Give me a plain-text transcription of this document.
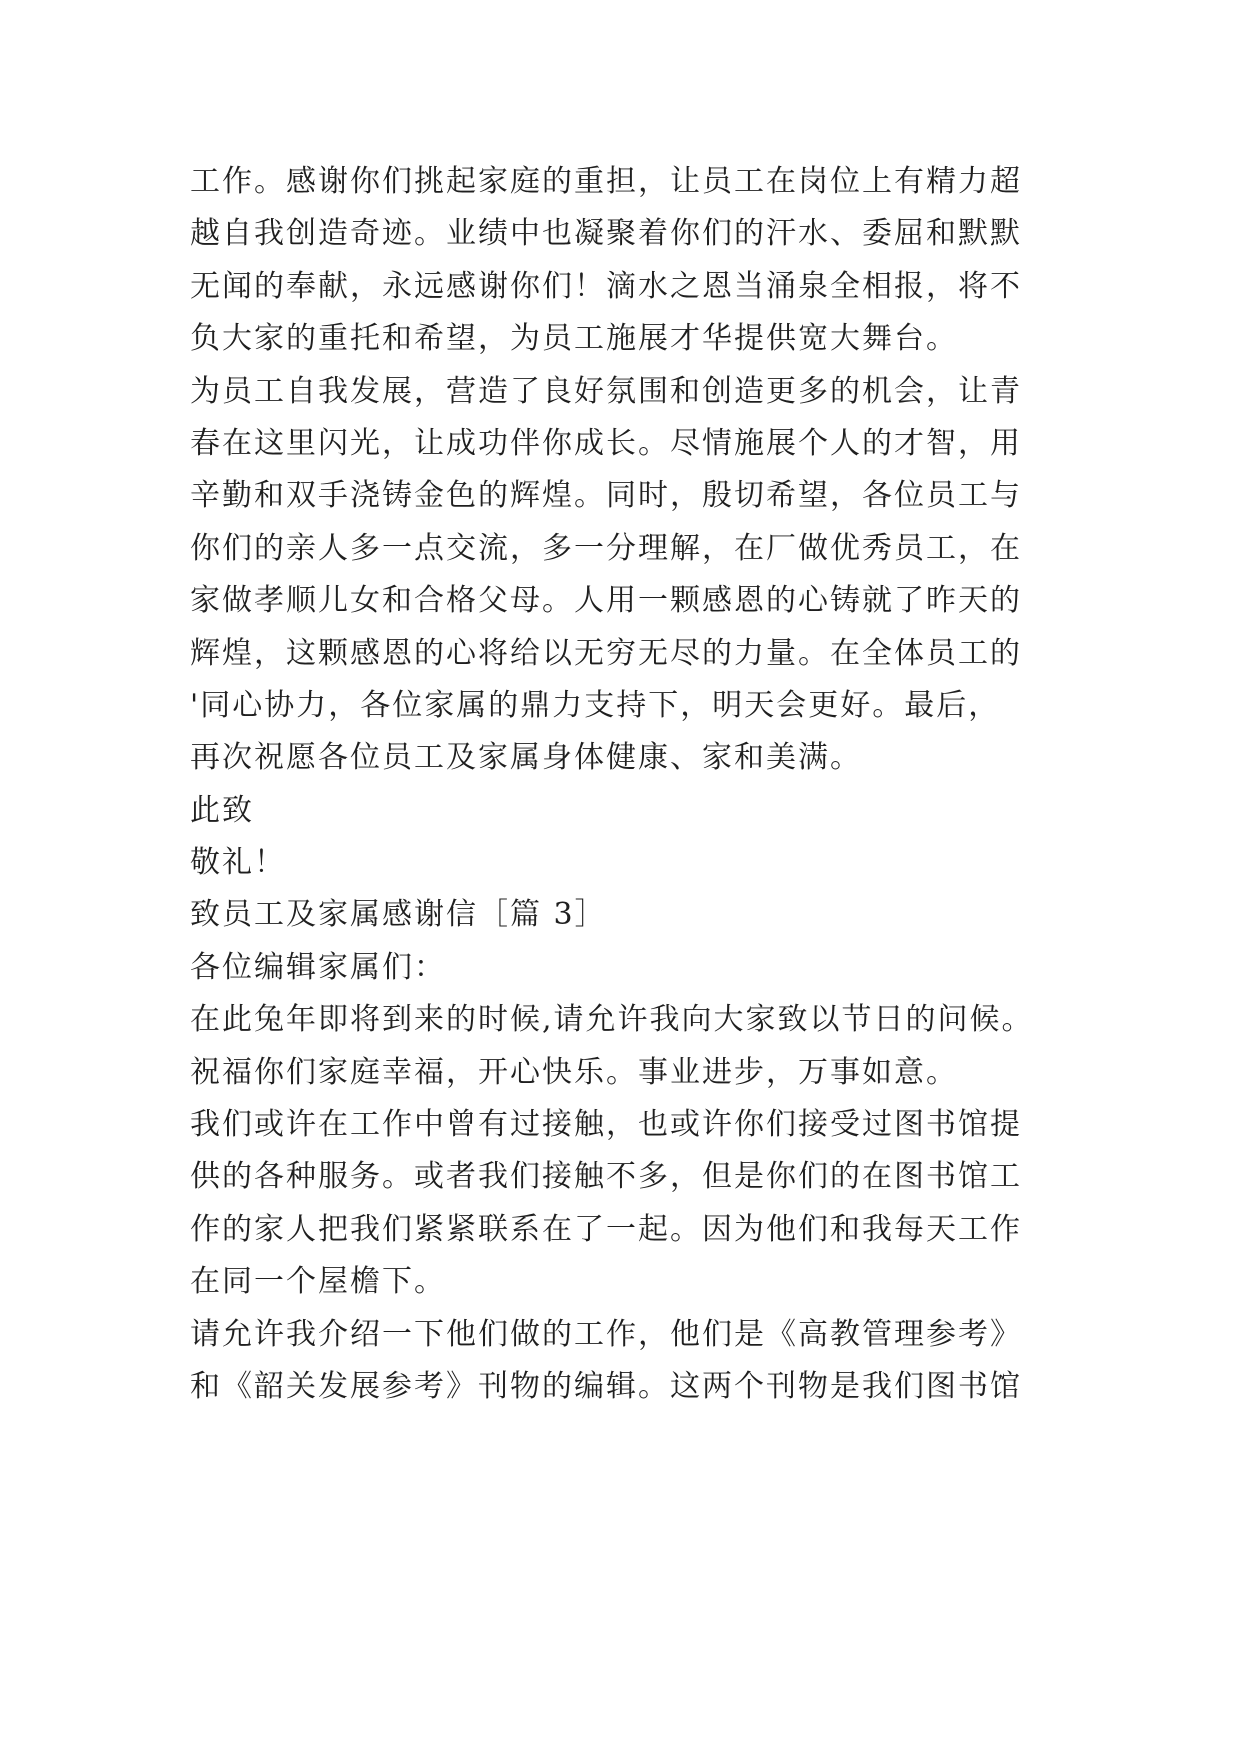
工作。感谢你们挑起家庭的重担，让员工在岗位上有精力超
越自我创造奇迹。业绩中也凝聚着你们的汗水、委屈和默默
无闻的奉献，永远感谢你们！滴水之恩当涌泉全相报，将不
负大家的重托和希望，为员工施展才华提供宽大舞台。
为员工自我发展，营造了良好氛围和创造更多的机会，让青
春在这里闪光，让成功伴你成长。尽情施展个人的才智，用
辛勤和双手浇铸金色的辉煌。同时，殷切希望，各位员工与
你们的亲人多一点交流，多一分理解，在厂做优秀员工，在
家做孝顺儿女和合格父母。人用一颗感恩的心铸就了昨天的
辉煌，这颗感恩的心将给以无穷无尽的力量。在全体员工的
'同心协力，各位家属的鼎力支持下，明天会更好。最后，
再次祝愿各位员工及家属身体健康、家和美满。
此致
敬礼！
致员工及家属感谢信［篇 3］
各位编辑家属们：
在此兔年即将到来的时候,请允许我向大家致以节日的问候。
祝福你们家庭幸福，开心快乐。事业进步，万事如意。
我们或许在工作中曾有过接触，也或许你们接受过图书馆提
供的各种服务。或者我们接触不多，但是你们的在图书馆工
作的家人把我们紧紧联系在了一起。因为他们和我每天工作
在同一个屋檐下。
请允许我介绍一下他们做的工作，他们是《高教管理参考》
和《韶关发展参考》刊物的编辑。这两个刊物是我们图书馆
